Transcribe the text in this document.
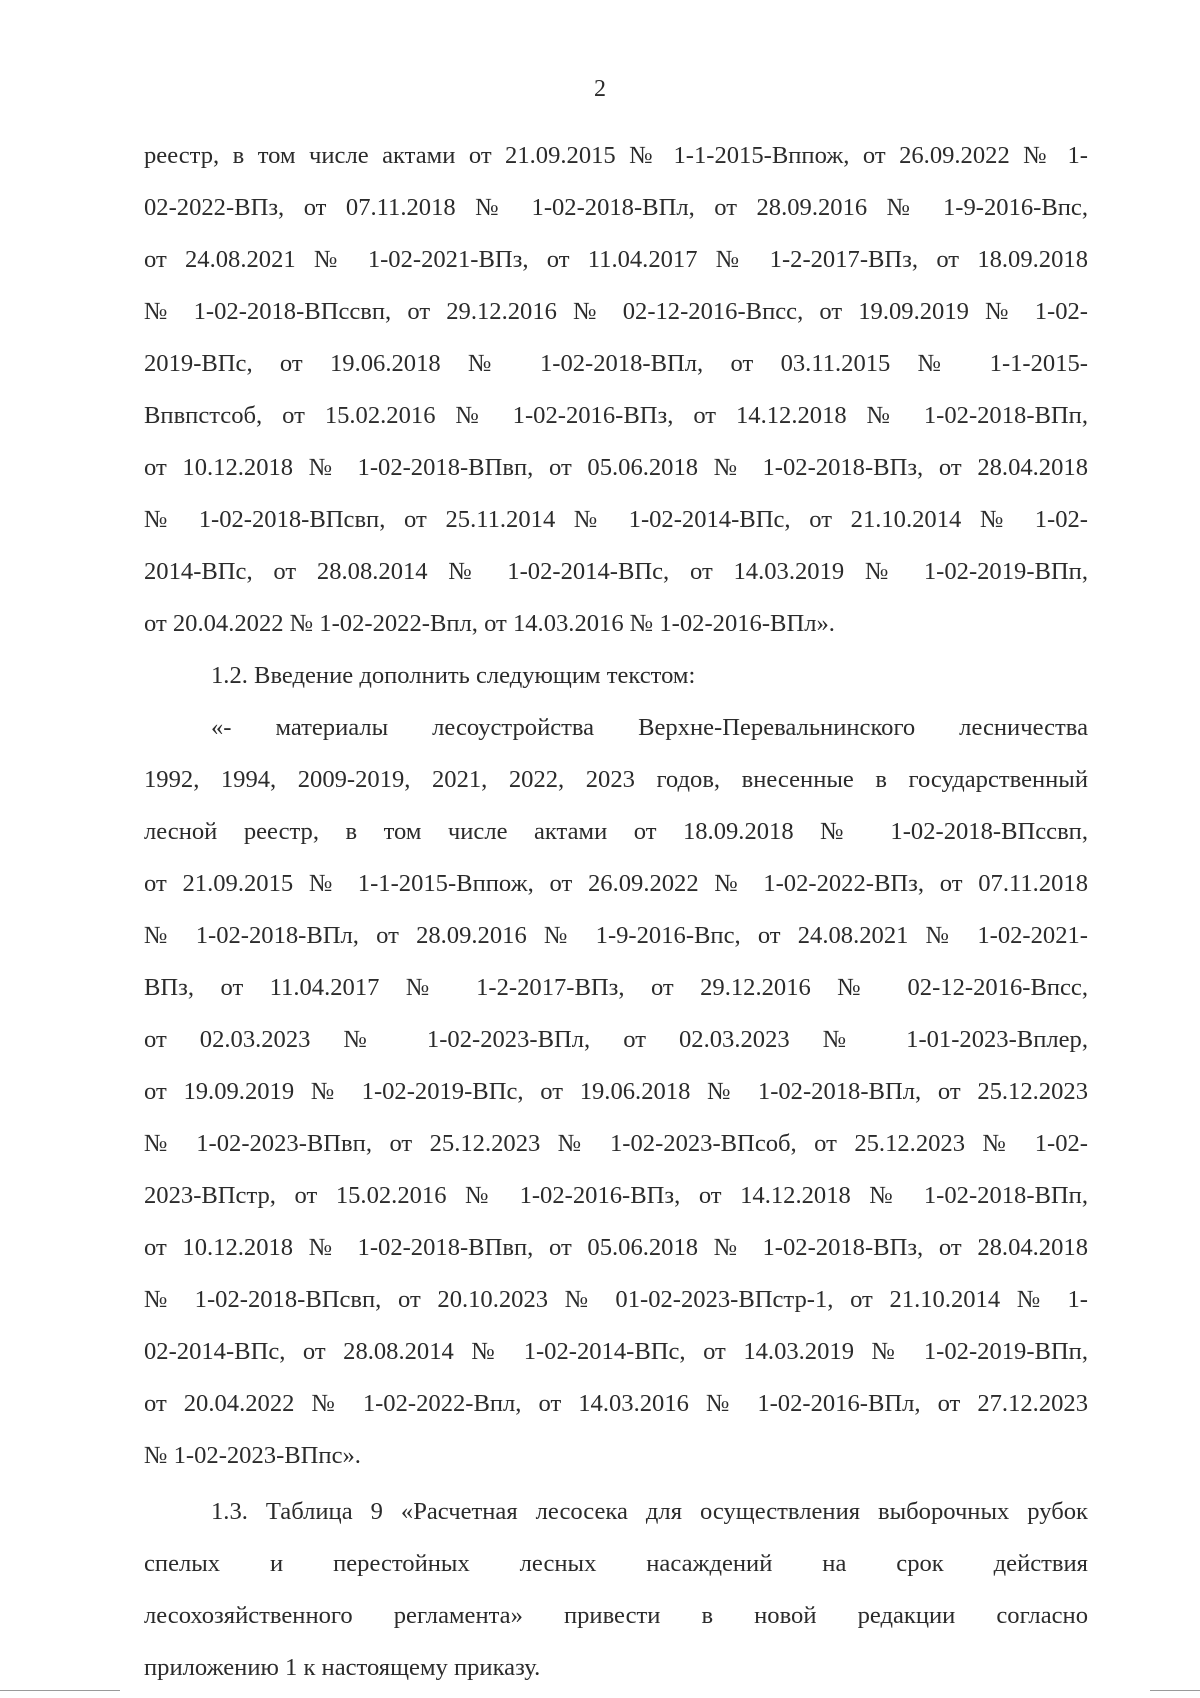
2
реестр, в том числе актами от 21.09.2015 № 1-1-2015-Вппож, от 26.09.2022 № 1-
02-2022-ВПз, от 07.11.2018 № 1-02-2018-ВПл, от 28.09.2016 № 1-9-2016-Впс,
от 24.08.2021 № 1-02-2021-ВПз, от 11.04.2017 № 1-2-2017-ВПз, от 18.09.2018
№ 1-02-2018-ВПссвп, от 29.12.2016 № 02-12-2016-Впсс, от 19.09.2019 № 1-02-
2019-ВПс, от 19.06.2018 № 1-02-2018-ВПл, от 03.11.2015 № 1-1-2015-
Впвпстсоб, от 15.02.2016 № 1-02-2016-ВПз, от 14.12.2018 № 1-02-2018-ВПп,
от 10.12.2018 № 1-02-2018-ВПвп, от 05.06.2018 № 1-02-2018-ВПз, от 28.04.2018
№ 1-02-2018-ВПсвп, от 25.11.2014 № 1-02-2014-ВПс, от 21.10.2014 № 1-02-
2014-ВПс, от 28.08.2014 № 1-02-2014-ВПс, от 14.03.2019 № 1-02-2019-ВПп,
от 20.04.2022 № 1-02-2022-Впл, от 14.03.2016 № 1-02-2016-ВПл».
1.2. Введение дополнить следующим текстом:
«- материалы лесоустройства Верхне-Перевальнинского лесничества
1992, 1994, 2009-2019, 2021, 2022, 2023 годов, внесенные в государственный
лесной реестр, в том числе актами от 18.09.2018 № 1-02-2018-ВПссвп,
от 21.09.2015 № 1-1-2015-Вппож, от 26.09.2022 № 1-02-2022-ВПз, от 07.11.2018
№ 1-02-2018-ВПл, от 28.09.2016 № 1-9-2016-Впс, от 24.08.2021 № 1-02-2021-
ВПз, от 11.04.2017 № 1-2-2017-ВПз, от 29.12.2016 № 02-12-2016-Впсс,
от 02.03.2023 № 1-02-2023-ВПл, от 02.03.2023 № 1-01-2023-Вплер,
от 19.09.2019 № 1-02-2019-ВПс, от 19.06.2018 № 1-02-2018-ВПл, от 25.12.2023
№ 1-02-2023-ВПвп, от 25.12.2023 № 1-02-2023-ВПсоб, от 25.12.2023 № 1-02-
2023-ВПстр, от 15.02.2016 № 1-02-2016-ВПз, от 14.12.2018 № 1-02-2018-ВПп,
от 10.12.2018 № 1-02-2018-ВПвп, от 05.06.2018 № 1-02-2018-ВПз, от 28.04.2018
№ 1-02-2018-ВПсвп, от 20.10.2023 № 01-02-2023-ВПстр-1, от 21.10.2014 № 1-
02-2014-ВПс, от 28.08.2014 № 1-02-2014-ВПс, от 14.03.2019 № 1-02-2019-ВПп,
от 20.04.2022 № 1-02-2022-Впл, от 14.03.2016 № 1-02-2016-ВПл, от 27.12.2023
№ 1-02-2023-ВПпс».
1.3. Таблица 9 «Расчетная лесосека для осуществления выборочных рубок
спелых и перестойных лесных насаждений на срок действия
лесохозяйственного регламента» привести в новой редакции согласно
приложению 1 к настоящему приказу.
